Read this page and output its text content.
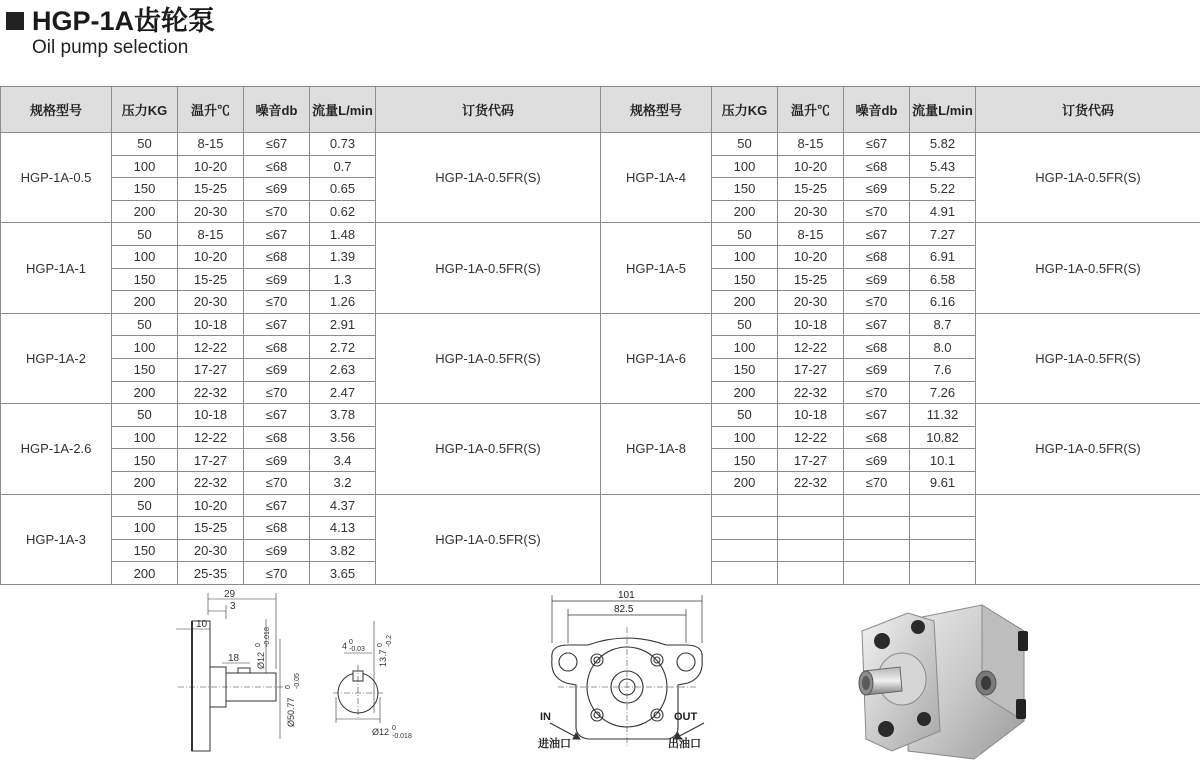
HGP-1A齿轮泵
Oil pump selection
规格型号	压力KG	温升℃	噪音db	流量L/min	订货代码	规格型号	压力KG	温升℃	噪音db	流量L/min	订货代码
HGP-1A-0.5	50	8-15	≤67	0.73	HGP-1A-0.5FR(S)	HGP-1A-4	50	8-15	≤67	5.82	HGP-1A-0.5FR(S)
	100	10-20	≤68	0.7			100	10-20	≤68	5.43	
	150	15-25	≤69	0.65			150	15-25	≤69	5.22	
	200	20-30	≤70	0.62			200	20-30	≤70	4.91	
HGP-1A-1	50	8-15	≤67	1.48	HGP-1A-0.5FR(S)	HGP-1A-5	50	8-15	≤67	7.27	HGP-1A-0.5FR(S)
	100	10-20	≤68	1.39			100	10-20	≤68	6.91	
	150	15-25	≤69	1.3			150	15-25	≤69	6.58	
	200	20-30	≤70	1.26			200	20-30	≤70	6.16	
HGP-1A-2	50	10-18	≤67	2.91	HGP-1A-0.5FR(S)	HGP-1A-6	50	10-18	≤67	8.7	HGP-1A-0.5FR(S)
	100	12-22	≤68	2.72			100	12-22	≤68	8.0	
	150	17-27	≤69	2.63			150	17-27	≤69	7.6	
	200	22-32	≤70	2.47			200	22-32	≤70	7.26	
HGP-1A-2.6	50	10-18	≤67	3.78	HGP-1A-0.5FR(S)	HGP-1A-8	50	10-18	≤67	11.32	HGP-1A-0.5FR(S)
	100	12-22	≤68	3.56			100	12-22	≤68	10.82	
	150	17-27	≤69	3.4			150	17-27	≤69	10.1	
	200	22-32	≤70	3.2			200	22-32	≤70	9.61	
HGP-1A-3	50	10-20	≤67	4.37	HGP-1A-0.5FR(S)						
	100	15-25	≤68	4.13							
	150	20-30	≤69	3.82							
	200	25-35	≤70	3.65							
29
3
10
18 Ø12
0 -0.018
Ø50.77
0 -0.05
4 0
-0.03 13.7
0 -0.2
Ø12 0
-0.018
101
82.5
IN
进油口
OUT
出油口
